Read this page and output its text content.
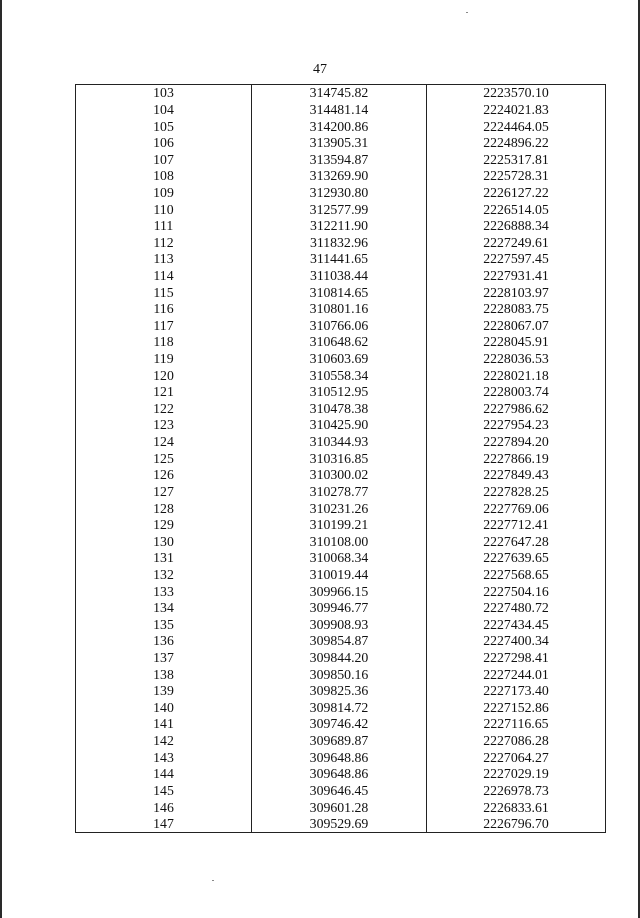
47
103	314745.82	2223570.10
104	314481.14	2224021.83
105	314200.86	2224464.05
106	313905.31	2224896.22
107	313594.87	2225317.81
108	313269.90	2225728.31
109	312930.80	2226127.22
110	312577.99	2226514.05
111	312211.90	2226888.34
112	311832.96	2227249.61
113	311441.65	2227597.45
114	311038.44	2227931.41
115	310814.65	2228103.97
116	310801.16	2228083.75
117	310766.06	2228067.07
118	310648.62	2228045.91
119	310603.69	2228036.53
120	310558.34	2228021.18
121	310512.95	2228003.74
122	310478.38	2227986.62
123	310425.90	2227954.23
124	310344.93	2227894.20
125	310316.85	2227866.19
126	310300.02	2227849.43
127	310278.77	2227828.25
128	310231.26	2227769.06
129	310199.21	2227712.41
130	310108.00	2227647.28
131	310068.34	2227639.65
132	310019.44	2227568.65
133	309966.15	2227504.16
134	309946.77	2227480.72
135	309908.93	2227434.45
136	309854.87	2227400.34
137	309844.20	2227298.41
138	309850.16	2227244.01
139	309825.36	2227173.40
140	309814.72	2227152.86
141	309746.42	2227116.65
142	309689.87	2227086.28
143	309648.86	2227064.27
144	309648.86	2227029.19
145	309646.45	2226978.73
146	309601.28	2226833.61
147	309529.69	2226796.70
